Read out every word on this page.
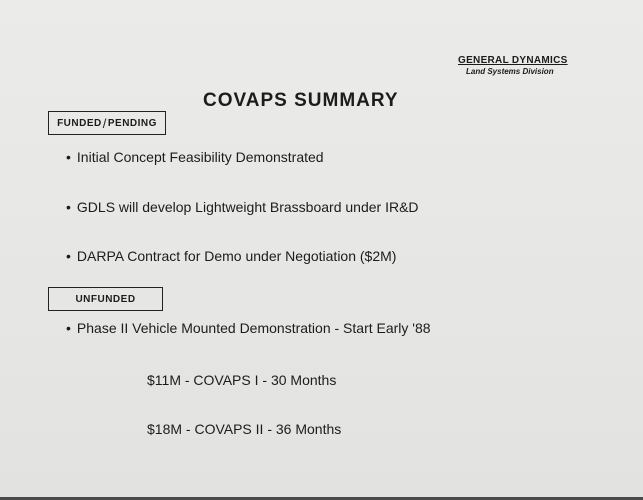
GENERAL DYNAMICS
Land Systems Division
COVAPS SUMMARY
FUNDED / PENDING
• Initial Concept Feasibility Demonstrated
• GDLS will develop Lightweight Brassboard under IR&D
• DARPA Contract for Demo under Negotiation ($2M)
UNFUNDED
• Phase II Vehicle Mounted Demonstration - Start Early '88
$11M - COVAPS I - 30 Months
$18M - COVAPS II - 36 Months
